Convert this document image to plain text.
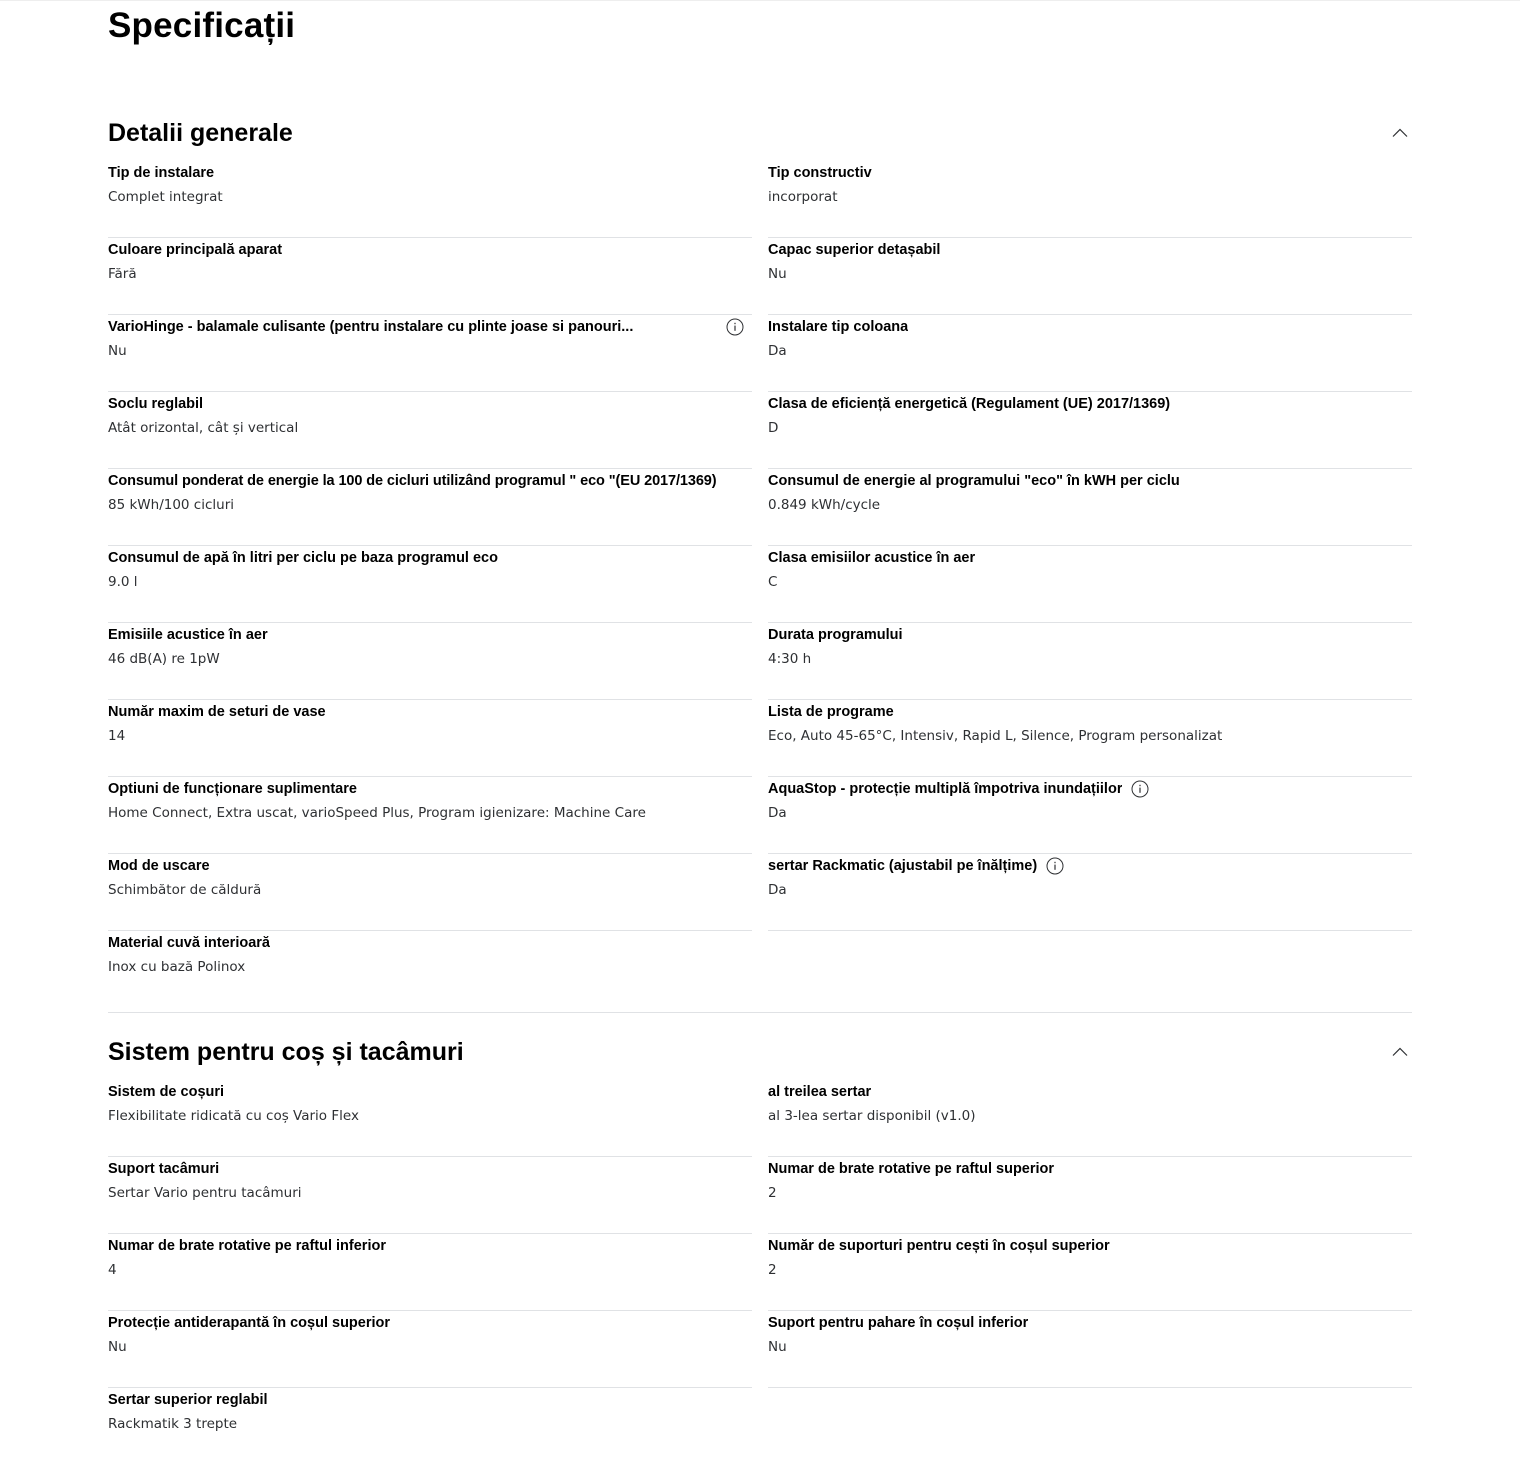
Specificații
Detalii generale
Tip de instalare
Complet integrat
Tip constructiv
incorporat
Culoare principală aparat
Fără
Capac superior detașabil
Nu
VarioHinge - balamale culisante (pentru instalare cu plinte joase si panouri...
Nu
Instalare tip coloana
Da
Soclu reglabil
Atât orizontal, cât și vertical
Clasa de eficiență energetică (Regulament (UE) 2017/1369)
D
Consumul ponderat de energie la 100 de cicluri utilizând programul " eco "(EU 2017/1369)
85 kWh/100 cicluri
Consumul de energie al programului "eco" în kWH per ciclu
0.849 kWh/cycle
Consumul de apă în litri per ciclu pe baza programul eco
9.0 l
Clasa emisiilor acustice în aer
C
Emisiile acustice în aer
46 dB(A) re 1pW
Durata programului
4:30 h
Număr maxim de seturi de vase
14
Lista de programe
Eco, Auto 45-65°C, Intensiv, Rapid L, Silence, Program personalizat
Optiuni de funcționare suplimentare
Home Connect, Extra uscat, varioSpeed Plus, Program igienizare: Machine Care
AquaStop - protecție multiplă împotriva inundațiilor
Da
Mod de uscare
Schimbător de căldură
sertar Rackmatic (ajustabil pe înălțime)
Da
Material cuvă interioară
Inox cu bază Polinox
Sistem pentru coș și tacâmuri
Sistem de coșuri
Flexibilitate ridicată cu coș Vario Flex
al treilea sertar
al 3-lea sertar disponibil (v1.0)
Suport tacâmuri
Sertar Vario pentru tacâmuri
Numar de brate rotative pe raftul superior
2
Numar de brate rotative pe raftul inferior
4
Număr de suporturi pentru cești în coșul superior
2
Protecție antiderapantă în coșul superior
Nu
Suport pentru pahare în coșul inferior
Nu
Sertar superior reglabil
Rackmatik 3 trepte
